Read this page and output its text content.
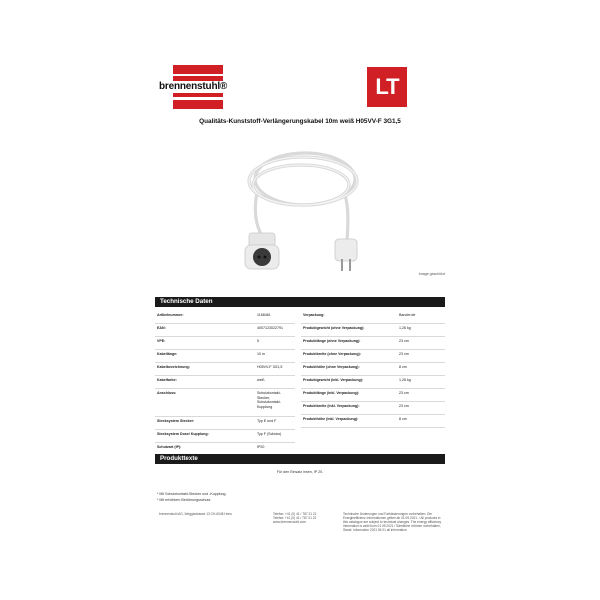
brennenstuhl®	LT
Qualitäts-Kunststoff-Verlängerungskabel 10m weiß H05VV-F 3G1,5
Image geschützt
Technische Daten
Artikelnummer:	1168461
EAN:	4007123022791
VPE:	5
Kabellänge:	10 m
Kabelbezeichnung:	H05VV-F 3G1,5
Kabelfarbe:	weiß
Anschluss:	Schutzkontakt-Stecker, Schutzkontakt-Kupplung
Stecksystem Stecker:	Typ E und F
Stecksystem Dose/ Kupplung:	Typ F (Schuko)
Schutzart (IP):	IP20
Verpackung:	Banderole
Produktgewicht (ohne Verpackung):	1,26 kg
Produktlänge (ohne Verpackung):	23 cm
Produktbreite (ohne Verpackung):	23 cm
Produkthöhe (ohne Verpackung):	8 cm
Produktgewicht (inkl. Verpackung):	1,28 kg
Produktlänge (inkl. Verpackung):	23 cm
Produktbreite (inkl. Verpackung):	23 cm
Produkthöhe (inkl. Verpackung):	8 cm
Produkttexte
Für den Einsatz innen, IP 20.
* Mit Schutzkontakt-Stecker und -Kupplung.
* Mit erhöhtem Berührungsschutz.
brennenstuhl AG, Weggisstrasse 13 CH-6048 Horw	Telefon: +41 (0) 41 / 787 21 21
Telefax: +41 (0) 41 / 787 21 22
www.brennenstuhl.com
Technische Änderungen und Farbänderungen vorbehalten. Die Energieeffizienz-Informationen gelten ab 01.09.2021. / All products in this catalogue are subject to technical changes. The energy efficiency information is valid from 01.09.2021 / Sämtliche Irrtümer vorbehalten, Stand: Information 2021 06 01 all information
